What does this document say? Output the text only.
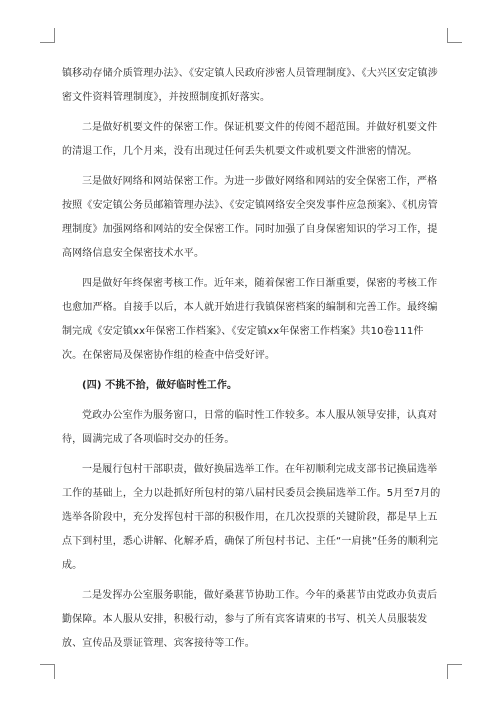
镇移动存储介质管理办法》、《安定镇人民政府涉密人员管理制度》、《大兴区安定镇涉密文件资料管理制度》，并按照制度抓好落实。

二是做好机要文件的保密工作。保证机要文件的传阅不超范围。并做好机要文件的清退工作，几个月来，没有出现过任何丢失机要文件或机要文件泄密的情况。

三是做好网络和网站保密工作。为进一步做好网络和网站的安全保密工作，严格按照《安定镇公务员邮箱管理办法》、《安定镇网络安全突发事件应急预案》、《机房管理制度》加强网络和网站的安全保密工作。同时加强了自身保密知识的学习工作，提高网络信息安全保密技术水平。

四是做好年终保密考核工作。近年来，随着保密工作日渐重要，保密的考核工作也愈加严格。自接手以后，本人就开始进行我镇保密档案的编制和完善工作。最终编制完成《安定镇xx年保密工作档案》、《安定镇xx年保密工作档案》共10卷111件次。在保密局及保密协作组的检查中倍受好评。

(四) 不挑不拾，做好临时性工作。

党政办公室作为服务窗口，日常的临时性工作较多。本人服从领导安排，认真对待，圆满完成了各项临时交办的任务。

一是履行包村干部职责，做好换届选举工作。在年初顺利完成支部书记换届选举工作的基础上，全力以赴抓好所包村的第八届村民委员会换届选举工作。5月至7月的选举各阶段中，充分发挥包村干部的积极作用，在几次投票的关键阶段，都是早上五点下到村里，悉心讲解、化解矛盾，确保了所包村书记、主任“一肩挑”任务的顺利完成。

二是发挥办公室服务职能，做好桑葚节协助工作。今年的桑葚节由党政办负责后勤保障。本人服从安排，积极行动，参与了所有宾客请柬的书写、机关人员服装发放、宣传品及票证管理、宾客接待等工作。
